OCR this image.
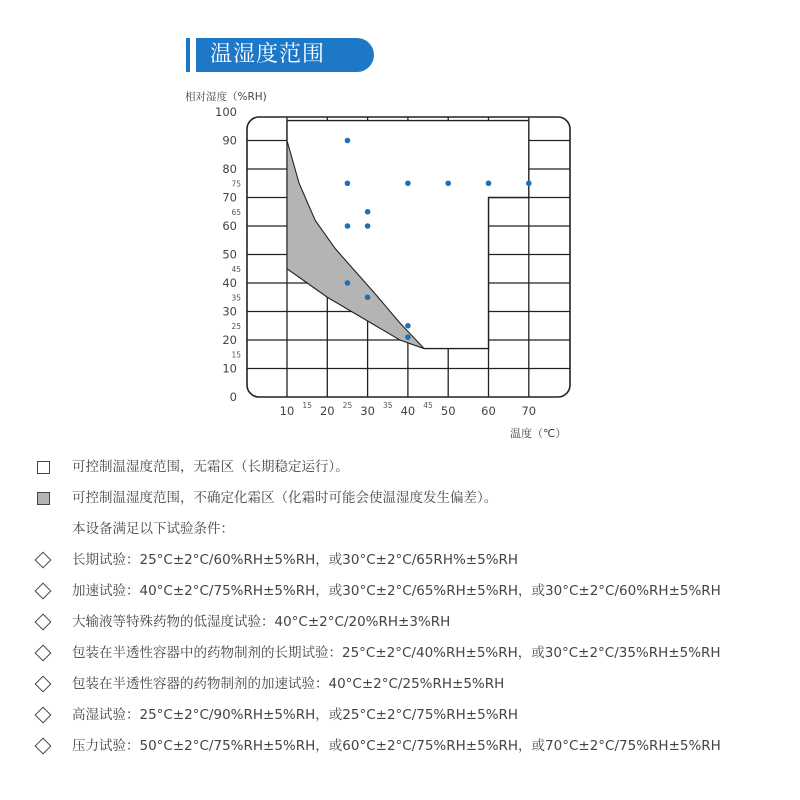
温湿度范围
0
10
20
30
40
50
60
70
80
90
100
15
25
35
45
65
75
10 20 30 40 50 60 70
15	25	35	45
相对湿度（%RH)
温度（℃）
可控制温湿度范围，无霜区（长期稳定运行）。
可控制温湿度范围，不确定化霜区（化霜时可能会使温湿度发生偏差）。
本设备满足以下试验条件：
长期试验：25°C±2°C/60%RH±5%RH，或30°C±2°C/65RH%±5%RH
加速试验：40°C±2°C/75%RH±5%RH，或30°C±2°C/65%RH±5%RH，或30°C±2°C/60%RH±5%RH
大输液等特殊药物的低湿度试验：40°C±2°C/20%RH±3%RH
包装在半透性容器中的药物制剂的长期试验：25°C±2°C/40%RH±5%RH，或30°C±2°C/35%RH±5%RH
包装在半透性容器的药物制剂的加速试验：40°C±2°C/25%RH±5%RH
高湿试验：25°C±2°C/90%RH±5%RH，或25°C±2°C/75%RH±5%RH
压力试验：50°C±2°C/75%RH±5%RH，或60°C±2°C/75%RH±5%RH，或70°C±2°C/75%RH±5%RH
